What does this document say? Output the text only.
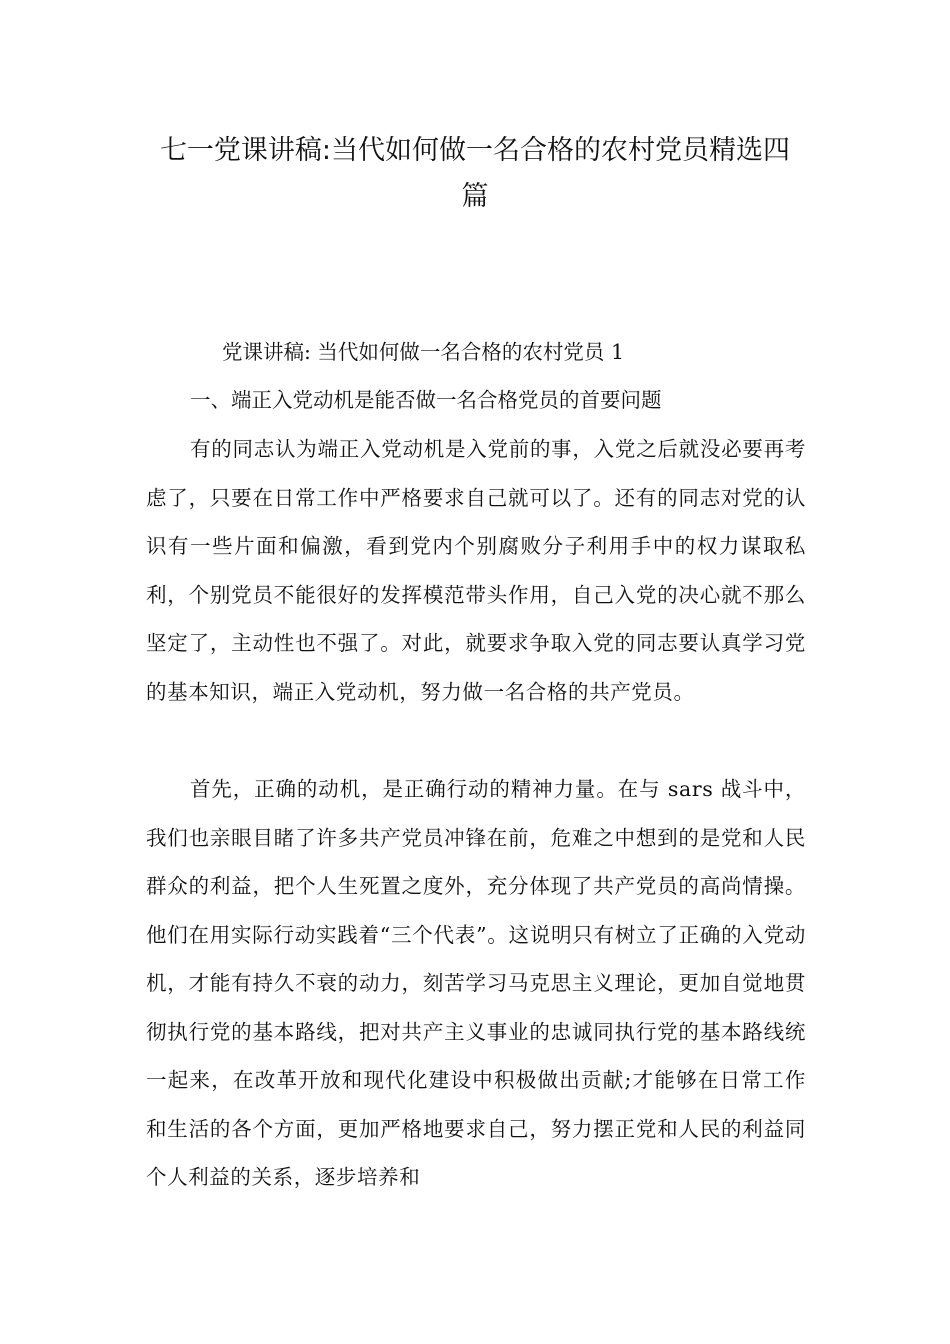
七一党课讲稿:当代如何做一名合格的农村党员精选四篇

党课讲稿: 当代如何做一名合格的农村党员 1

一、端正入党动机是能否做一名合格党员的首要问题

有的同志认为端正入党动机是入党前的事，入党之后就没必要再考虑了，只要在日常工作中严格要求自己就可以了。还有的同志对党的认识有一些片面和偏激，看到党内个别腐败分子利用手中的权力谋取私利，个别党员不能很好的发挥模范带头作用，自己入党的决心就不那么坚定了，主动性也不强了。对此，就要求争取入党的同志要认真学习党的基本知识，端正入党动机，努力做一名合格的共产党员。

首先，正确的动机，是正确行动的精神力量。在与 sars 战斗中，我们也亲眼目睹了许多共产党员冲锋在前，危难之中想到的是党和人民群众的利益，把个人生死置之度外，充分体现了共产党员的高尚情操。他们在用实际行动实践着“三个代表”。这说明只有树立了正确的入党动机，才能有持久不衰的动力，刻苦学习马克思主义理论，更加自觉地贯彻执行党的基本路线，把对共产主义事业的忠诚同执行党的基本路线统一起来，在改革开放和现代化建设中积极做出贡献;才能够在日常工作和生活的各个方面，更加严格地要求自己，努力摆正党和人民的利益同个人利益的关系，逐步培养和
